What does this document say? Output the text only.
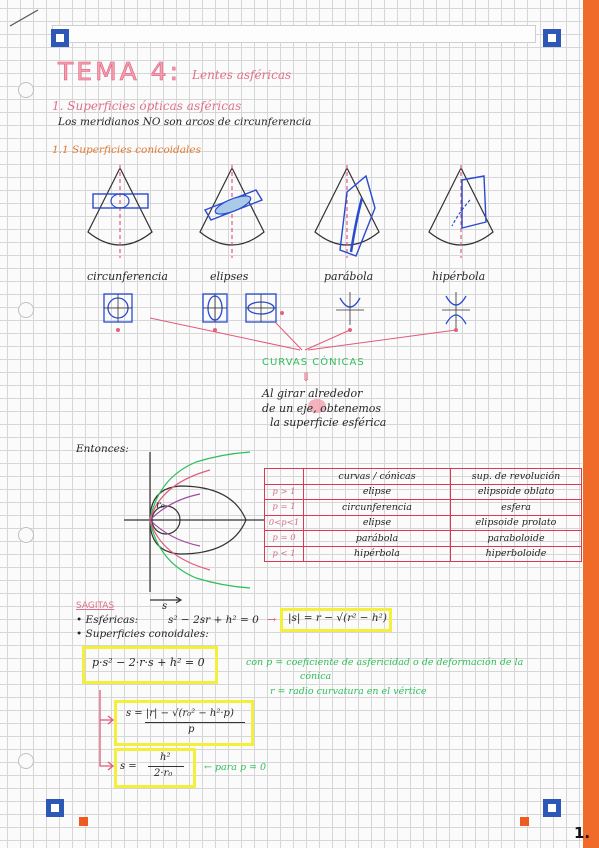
TEMA 4: Lentes asféricas
1. Superficies ópticas asféricas
Los meridianos NO son arcos de circunferencia
1.1 Superficies conicoidales
circunferencia	elipses	parábola	hipérbola
CURVAS CÓNICAS
⇓
Al girar alrededor
de un eje, obtenemos
la superficie esférica
Entonces:
r₀
s
	curvas / cónicas	sup. de revolución
p > 1	elipse	elipsoide oblato
p = 1	circunferencia	esfera
0<p<1	elipse	elipsoide prolato
p = 0	parábola	paraboloide
p < 1	hipérbola	hiperboloide
SAGITAS
• Esféricas:	s² − 2sr + h² = 0 → |s| = r − √(r² − h²)
• Superficies conoidales:
p·s² − 2·r·s + h² = 0	con p = coeficiente de asfericidad o de deformación de la
cónica
r = radio curvatura en el vértice
s = |r| − √(r₀² − h²·p)
p
s =
h²
2·r₀
← para p = 0
1.
